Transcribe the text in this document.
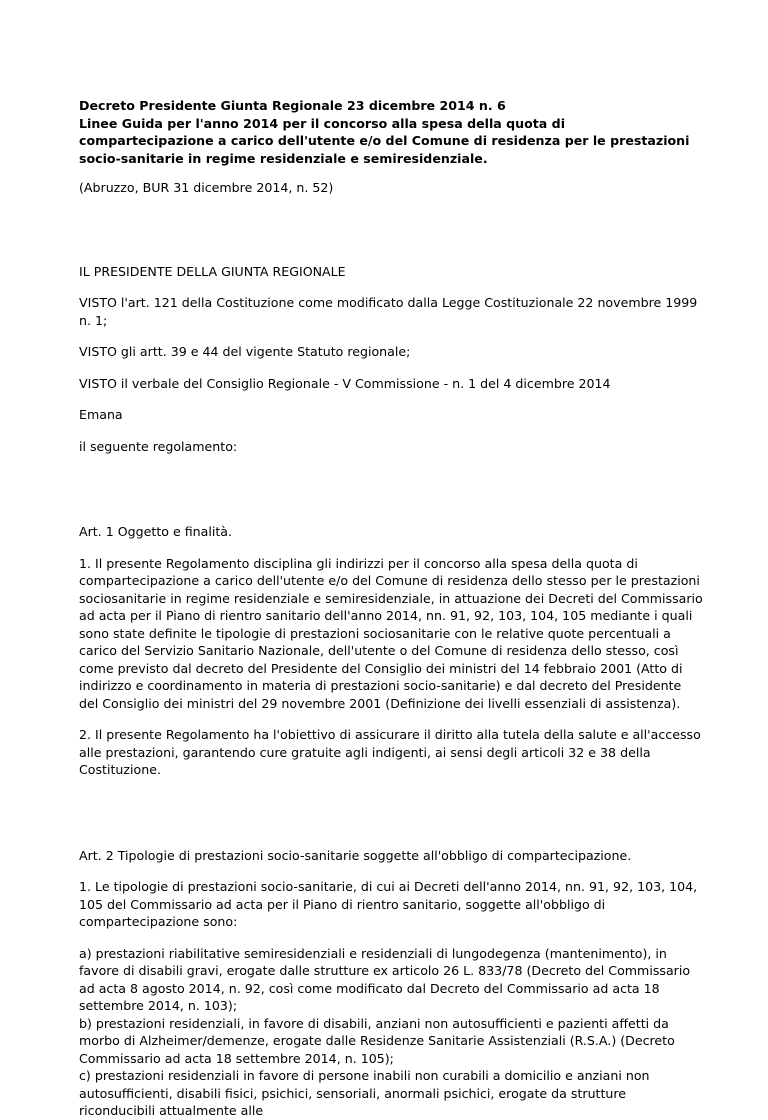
Decreto Presidente Giunta Regionale 23 dicembre 2014 n. 6
Linee Guida per l'anno 2014 per il concorso alla spesa della quota di compartecipazione a carico dell'utente e/o del Comune di residenza per le prestazioni socio-sanitarie in regime residenziale e semiresidenziale.

(Abruzzo, BUR 31 dicembre 2014, n. 52)

IL PRESIDENTE DELLA GIUNTA REGIONALE

VISTO l'art. 121 della Costituzione come modificato dalla Legge Costituzionale 22 novembre 1999 n. 1;

VISTO gli artt. 39 e 44 del vigente Statuto regionale;

VISTO il verbale del Consiglio Regionale - V Commissione - n. 1 del 4 dicembre 2014

Emana

il seguente regolamento:

Art. 1 Oggetto e finalità.

1. Il presente Regolamento disciplina gli indirizzi per il concorso alla spesa della quota di compartecipazione a carico dell'utente e/o del Comune di residenza dello stesso per le prestazioni sociosanitarie in regime residenziale e semiresidenziale, in attuazione dei Decreti del Commissario ad acta per il Piano di rientro sanitario dell'anno 2014, nn. 91, 92, 103, 104, 105 mediante i quali sono state definite le tipologie di prestazioni sociosanitarie con le relative quote percentuali a carico del Servizio Sanitario Nazionale, dell'utente o del Comune di residenza dello stesso, così come previsto dal decreto del Presidente del Consiglio dei ministri del 14 febbraio 2001 (Atto di indirizzo e coordinamento in materia di prestazioni socio-sanitarie) e dal decreto del Presidente del Consiglio dei ministri del 29 novembre 2001 (Definizione dei livelli essenziali di assistenza).

2. Il presente Regolamento ha l'obiettivo di assicurare il diritto alla tutela della salute e all'accesso alle prestazioni, garantendo cure gratuite agli indigenti, ai sensi degli articoli 32 e 38 della Costituzione.

Art. 2 Tipologie di prestazioni socio-sanitarie soggette all'obbligo di compartecipazione.

1. Le tipologie di prestazioni socio-sanitarie, di cui ai Decreti dell'anno 2014, nn. 91, 92, 103, 104, 105 del Commissario ad acta per il Piano di rientro sanitario, soggette all'obbligo di compartecipazione sono:

a) prestazioni riabilitative semiresidenziali e residenziali di lungodegenza (mantenimento), in favore di disabili gravi, erogate dalle strutture ex articolo 26 L. 833/78 (Decreto del Commissario ad acta 8 agosto 2014, n. 92, così come modificato dal Decreto del Commissario ad acta 18 settembre 2014, n. 103);
b) prestazioni residenziali, in favore di disabili, anziani non autosufficienti e pazienti affetti da morbo di Alzheimer/demenze, erogate dalle Residenze Sanitarie Assistenziali (R.S.A.) (Decreto Commissario ad acta 18 settembre 2014, n. 105);
c) prestazioni residenziali in favore di persone inabili non curabili a domicilio e anziani non autosufficienti, disabili fisici, psichici, sensoriali, anormali psichici, erogate da strutture riconducibili attualmente alle
